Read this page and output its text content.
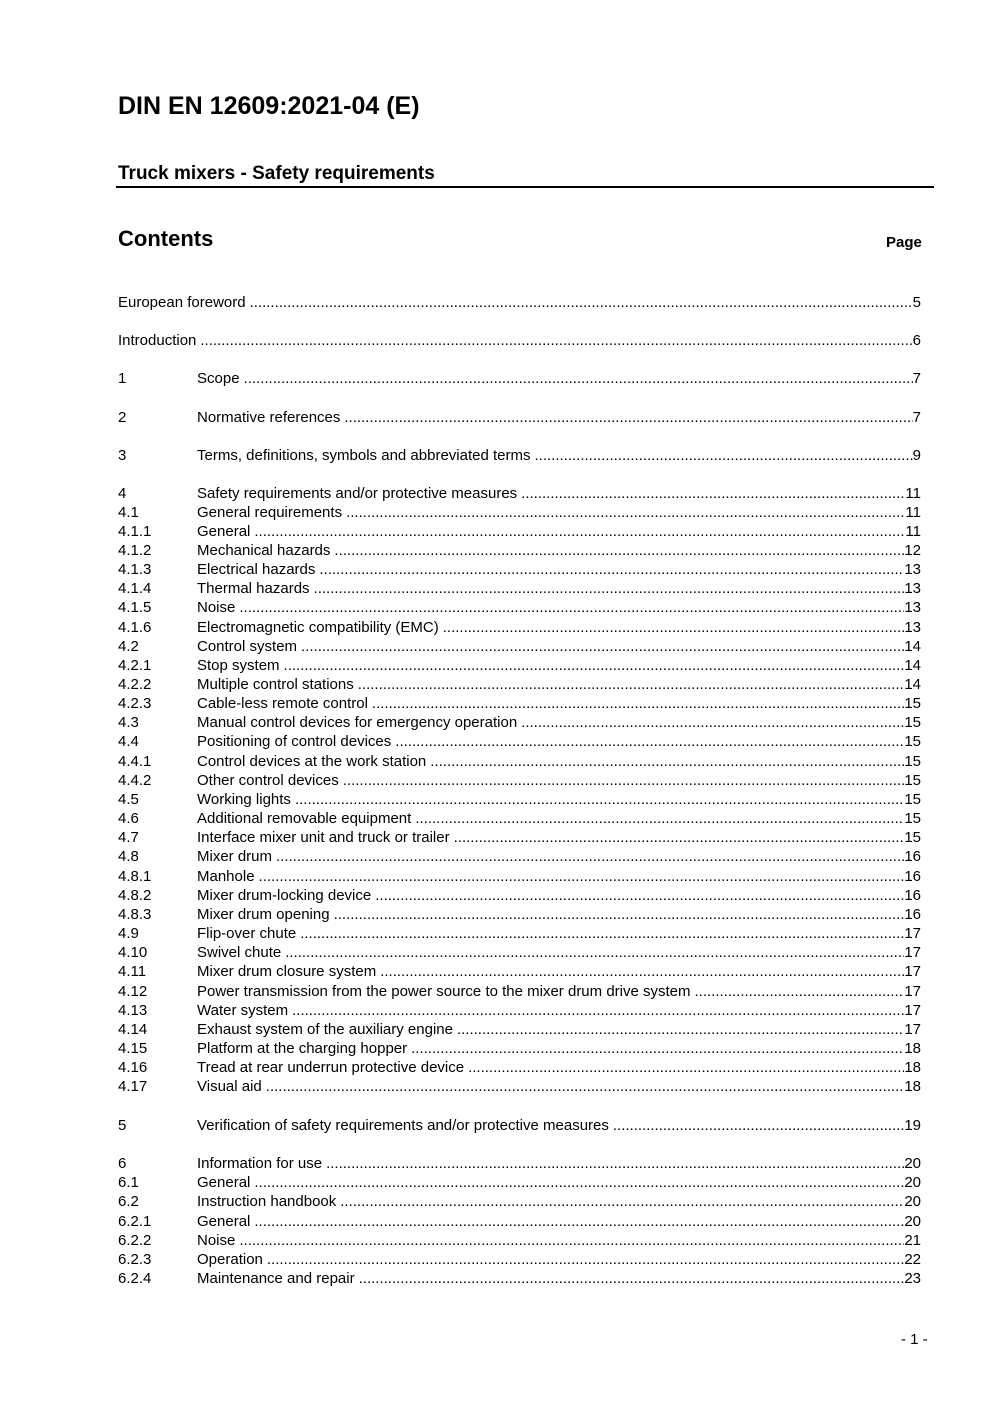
DIN EN 12609:2021-04 (E)
Truck mixers - Safety requirements
Contents	Page
European foreword .....	5
Introduction .....	6
1	Scope .....	7
2	Normative references .....	7
3	Terms, definitions, symbols and abbreviated terms .....	9
4	Safety requirements and/or protective measures .....	11
4.1	General requirements .....	11
4.1.1	General .....	11
4.1.2	Mechanical hazards .....	12
4.1.3	Electrical hazards .....	13
4.1.4	Thermal hazards .....	13
4.1.5	Noise .....	13
4.1.6	Electromagnetic compatibility (EMC) .....	13
4.2	Control system .....	14
4.2.1	Stop system .....	14
4.2.2	Multiple control stations .....	14
4.2.3	Cable-less remote control .....	15
4.3	Manual control devices for emergency operation .....	15
4.4	Positioning of control devices .....	15
4.4.1	Control devices at the work station .....	15
4.4.2	Other control devices .....	15
4.5	Working lights .....	15
4.6	Additional removable equipment .....	15
4.7	Interface mixer unit and truck or trailer .....	15
4.8	Mixer drum .....	16
4.8.1	Manhole .....	16
4.8.2	Mixer drum-locking device .....	16
4.8.3	Mixer drum opening .....	16
4.9	Flip-over chute .....	17
4.10	Swivel chute .....	17
4.11	Mixer drum closure system .....	17
4.12	Power transmission from the power source to the mixer drum drive system .....	17
4.13	Water system .....	17
4.14	Exhaust system of the auxiliary engine .....	17
4.15	Platform at the charging hopper .....	18
4.16	Tread at rear underrun protective device .....	18
4.17	Visual aid .....	18
5	Verification of safety requirements and/or protective measures .....	19
6	Information for use .....	20
6.1	General .....	20
6.2	Instruction handbook .....	20
6.2.1	General .....	20
6.2.2	Noise .....	21
6.2.3	Operation .....	22
6.2.4	Maintenance and repair .....	23
- 1 -
